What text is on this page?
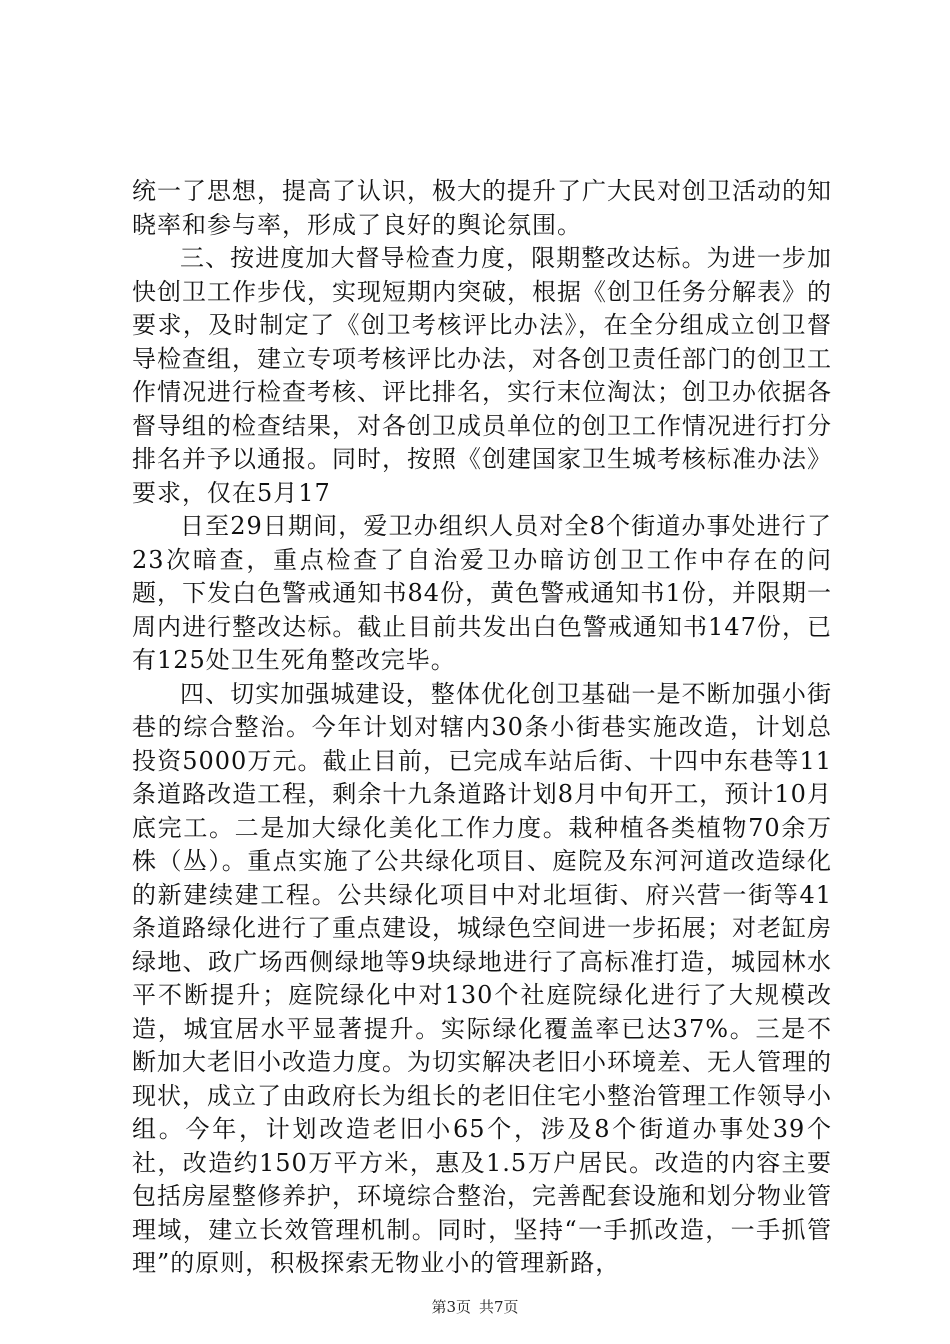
统一了思想，提高了认识，极大的提升了广大民对创卫活动的知晓率和参与率，形成了良好的舆论氛围。

三、按进度加大督导检查力度，限期整改达标。为进一步加快创卫工作步伐，实现短期内突破，根据《创卫任务分解表》的要求，及时制定了《创卫考核评比办法》，在全分组成立创卫督导检查组，建立专项考核评比办法，对各创卫责任部门的创卫工作情况进行检查考核、评比排名，实行末位淘汰；创卫办依据各督导组的检查结果，对各创卫成员单位的创卫工作情况进行打分排名并予以通报。同时，按照《创建国家卫生城考核标准办法》要求，仅在5月17

日至29日期间，爱卫办组织人员对全8个街道办事处进行了23次暗查，重点检查了自治爱卫办暗访创卫工作中存在的问题，下发白色警戒通知书84份，黄色警戒通知书1份，并限期一周内进行整改达标。截止目前共发出白色警戒通知书147份，已有125处卫生死角整改完毕。

四、切实加强城建设，整体优化创卫基础一是不断加强小街巷的综合整治。今年计划对辖内30条小街巷实施改造，计划总投资5000万元。截止目前，已完成车站后街、十四中东巷等11条道路改造工程，剩余十九条道路计划8月中旬开工，预计10月底完工。二是加大绿化美化工作力度。栽种植各类植物70余万株（丛）。重点实施了公共绿化项目、庭院及东河河道改造绿化的新建续建工程。公共绿化项目中对北垣街、府兴营一街等41条道路绿化进行了重点建设，城绿色空间进一步拓展；对老缸房绿地、政广场西侧绿地等9块绿地进行了高标准打造，城园林水平不断提升；庭院绿化中对130个社庭院绿化进行了大规模改造，城宜居水平显著提升。实际绿化覆盖率已达37%。三是不断加大老旧小改造力度。为切实解决老旧小环境差、无人管理的现状，成立了由政府长为组长的老旧住宅小整治管理工作领导小组。今年，计划改造老旧小65个，涉及8个街道办事处39个社，改造约150万平方米，惠及1.5万户居民。改造的内容主要包括房屋整修养护，环境综合整治，完善配套设施和划分物业管理域，建立长效管理机制。同时，坚持“一手抓改造，一手抓管理”的原则，积极探索无物业小的管理新路，

第3页 共7页
